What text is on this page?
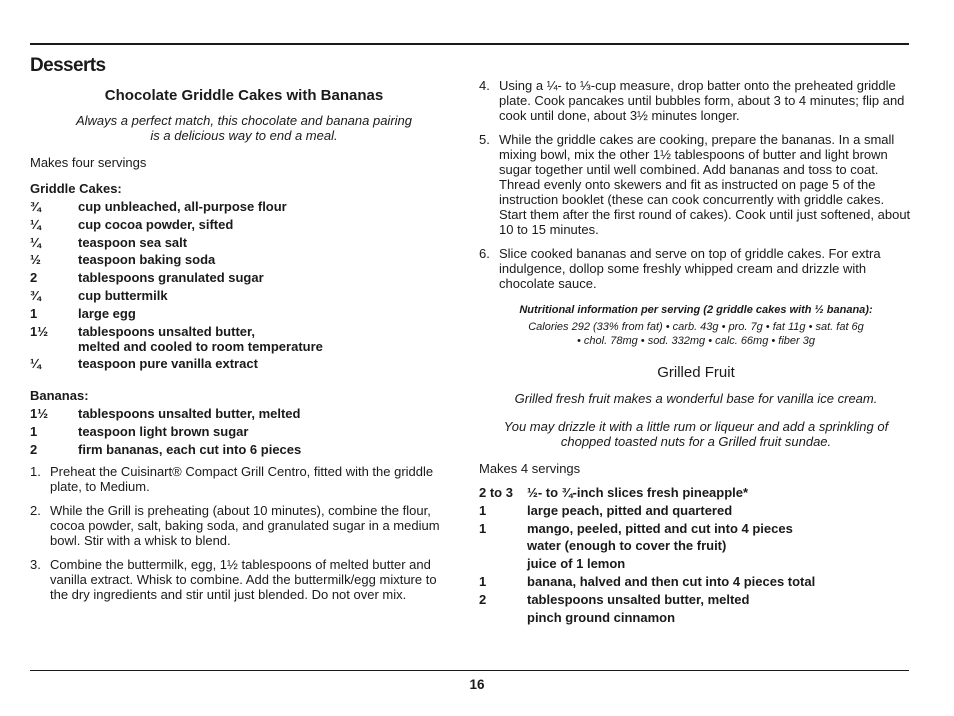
Desserts
Chocolate Griddle Cakes with Bananas

Always a perfect match, this chocolate and banana pairing

is a delicious way to end a meal.

Makes four servings

Griddle Cakes:

¾	cup unbleached, all-purpose flour
¼	cup cocoa powder, sifted
¼	teaspoon sea salt
½	teaspoon baking soda
2	tablespoons granulated sugar
¾	cup buttermilk
1	large egg
1½	tablespoons unsalted butter,
melted and cooled to room temperature
¼	teaspoon pure vanilla extract

Bananas:

1½	tablespoons unsalted butter, melted
1	teaspoon light brown sugar
2	firm bananas, each cut into 6 pieces
1. Preheat the Cuisinart® Compact Grill Centro, fitted with the griddle plate, to Medium.
2. While the Grill is preheating (about 10 minutes), combine the flour, cocoa powder, salt, baking soda, and granulated sugar in a medium bowl. Stir with a whisk to blend.
3. Combine the buttermilk, egg, 1½ tablespoons of melted butter and vanilla extract. Whisk to combine. Add the buttermilk/egg mixture to the dry ingredients and stir until just blended. Do not over mix.
4. Using a ¼- to ⅓-cup measure, drop batter onto the preheated griddle plate. Cook pancakes until bubbles form, about 3 to 4 minutes; flip and cook until done, about 3½ minutes longer.
5. While the griddle cakes are cooking, prepare the bananas. In a small mixing bowl, mix the other 1½ tablespoons of butter and light brown sugar together until well combined. Add bananas and toss to coat. Thread evenly onto skewers and fit as instructed on page 5 of the instruction booklet (these can cook concurrently with griddle cakes. Start them after the first round of cakes). Cook until just softened, about 10 to 15 minutes.
6. Slice cooked bananas and serve on top of griddle cakes. For extra indulgence, dollop some freshly whipped cream and drizzle with chocolate sauce.

Nutritional information per serving (2 griddle cakes with ½ banana):

Calories 292 (33% from fat) • carb. 43g • pro. 7g • fat 11g • sat. fat 6g
• chol. 78mg • sod. 332mg • calc. 66mg • fiber 3g

Grilled Fruit

Grilled fresh fruit makes a wonderful base for vanilla ice cream.

You may drizzle it with a little rum or liqueur and add a sprinkling of

chopped toasted nuts for a Grilled fruit sundae.

Makes 4 servings

2 to 3	½- to ¾-inch slices fresh pineapple*
1	large peach, pitted and quartered
1	mango, peeled, pitted and cut into 4 pieces
water (enough to cover the fruit)
juice of 1 lemon
1	banana, halved and then cut into 4 pieces total
2	tablespoons unsalted butter, melted
pinch ground cinnamon
16
